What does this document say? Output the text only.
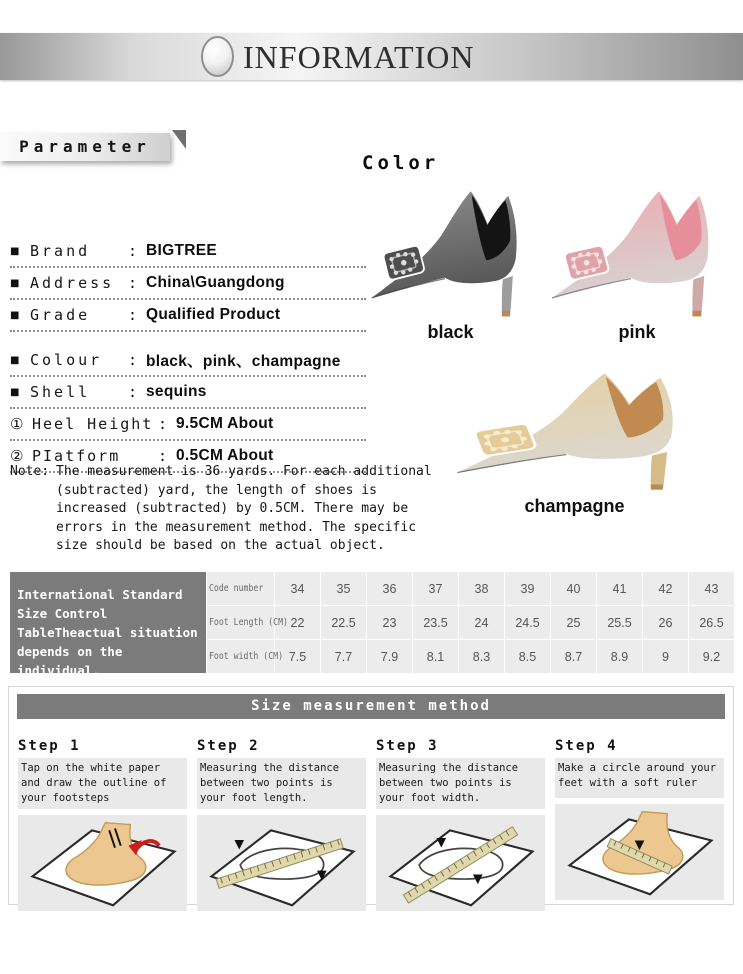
INFORMATION
Parameter
Color
■ Brand	: BIGTREE
■ Address : China\Guangdong
■ Grade	: Qualified Product
■ Colour	: black、pink、champagne
■ Shell	: sequins
① Heel Height : 9.5CM About
② PIatform	: 0.5CM About
Note: The measurement is 36 yards. For each additional (subtracted) yard, the length of shoes is increased (subtracted) by 0.5CM. There may be errors in the measurement method. The specific size should be based on the actual object.
black	pink
champagne
International Standard Size Control TableTheactual situation depends on the individual.
Code number	34	35	36	37	38	39	40	41	42	43
Foot Length (CM) 22	22.5	23	23.5	24	24.5	25	25.5	26	26.5
Foot width (CM) 7.5	7.7	7.9	8.1	8.3	8.5	8.7	8.9	9	9.2
Size measurement method
Step 1
Tap on the white paper and draw the outline of your footsteps
Step 2
Measuring the distance between two points is your foot length.
Step 3
Measuring the distance between two points is your foot width.
Step 4
Make a circle around your feet with a soft ruler
